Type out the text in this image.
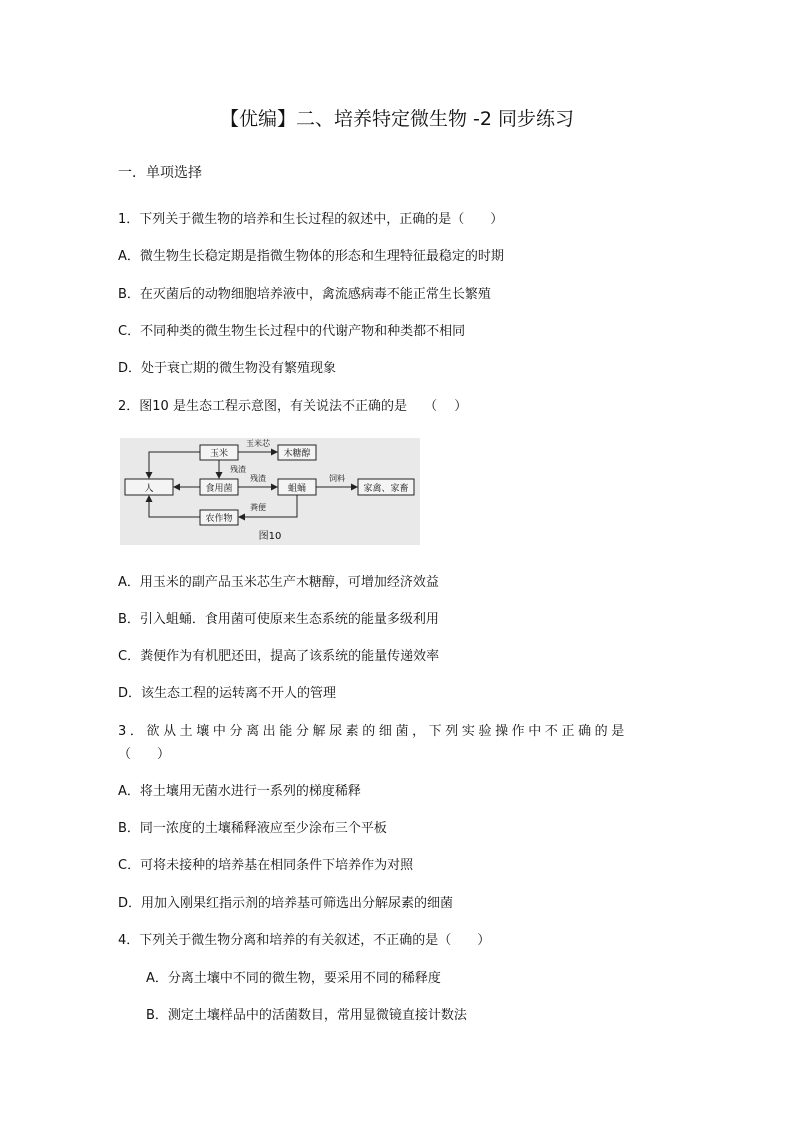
【优编】二、培养特定微生物 -2 同步练习
一．单项选择
1．下列关于微生物的培养和生长过程的叙述中，正确的是（　　）
A．微生物生长稳定期是指微生物体的形态和生理特征最稳定的时期
B．在灭菌后的动物细胞培养液中，禽流感病毒不能正常生长繁殖
C．不同种类的微生物生长过程中的代谢产物和种类都不相同
D．处于衰亡期的微生物没有繁殖现象
2．图10 是生态工程示意图，有关说法不正确的是　 （　 ）
玉米	木糖醇
人	食用菌	蛆蛹	家禽、家畜
农作物
玉米芯
残渣
残渣	饲料
粪便
图10
A．用玉米的副产品玉米芯生产木糖醇，可增加经济效益
B．引入蛆蛹．食用菌可使原来生态系统的能量多级利用
C．粪便作为有机肥还田，提高了该系统的能量传递效率
D．该生态工程的运转离不开人的管理
3．欲从土壤中分离出能分解尿素的细菌，下列实验操作中不正确的是
（　　）
A．将土壤用无菌水进行一系列的梯度稀释
B．同一浓度的土壤稀释液应至少涂布三个平板
C．可将未接种的培养基在相同条件下培养作为对照
D．用加入刚果红指示剂的培养基可筛选出分解尿素的细菌
4．下列关于微生物分离和培养的有关叙述，不正确的是（　　）
A．分离土壤中不同的微生物，要采用不同的稀释度
B．测定土壤样品中的活菌数目，常用显微镜直接计数法
